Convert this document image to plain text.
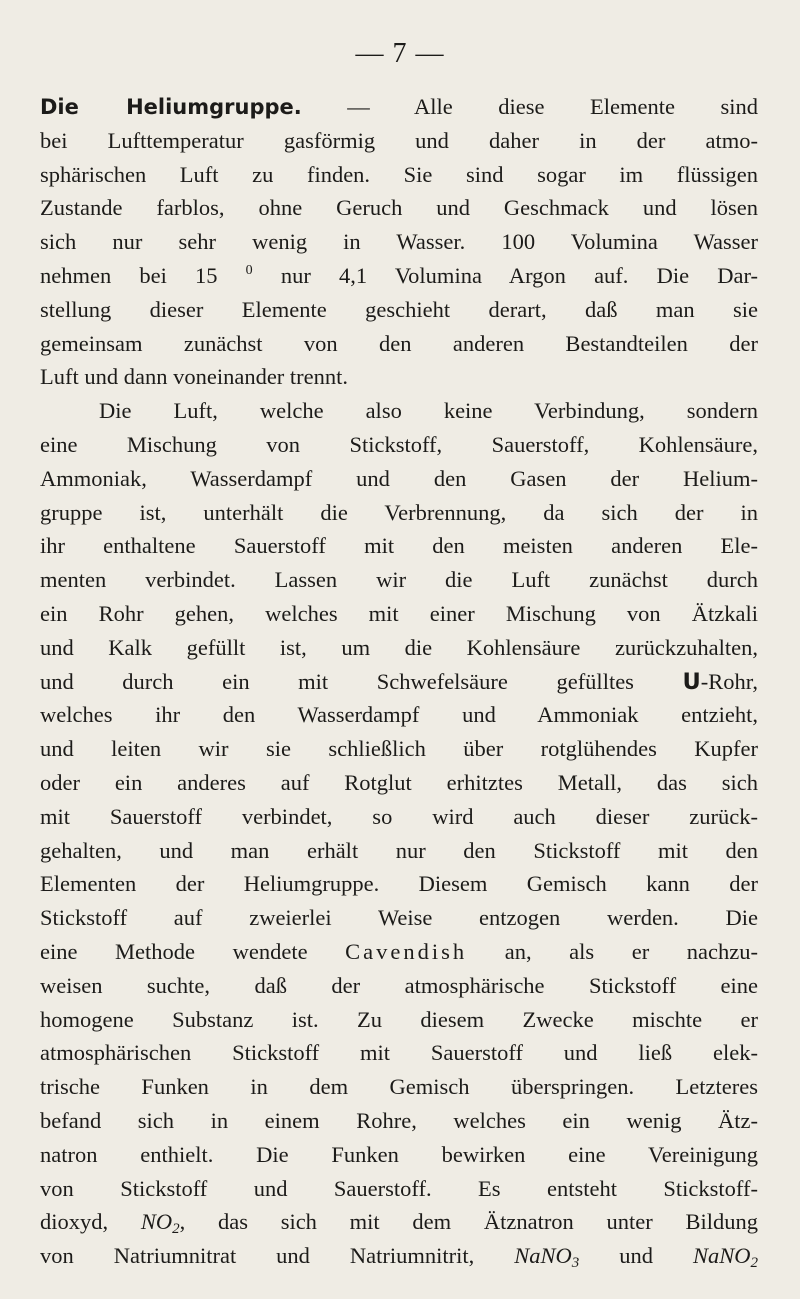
— 7 —
Die Heliumgruppe. — Alle diese Elemente sind
bei Lufttemperatur gasförmig und daher in der atmo-
sphärischen Luft zu finden. Sie sind sogar im flüssigen
Zustande farblos, ohne Geruch und Geschmack und lösen
sich nur sehr wenig in Wasser. 100 Volumina Wasser
nehmen bei 15 $^0$ nur 4,1 Volumina Argon auf. Die Dar-
stellung dieser Elemente geschieht derart, daß man sie
gemeinsam zunächst von den anderen Bestandteilen der
Luft und dann voneinander trennt.
Die Luft, welche also keine Verbindung, sondern
eine Mischung von Stickstoff, Sauerstoff, Kohlensäure,
Ammoniak, Wasserdampf und den Gasen der Helium-
gruppe ist, unterhält die Verbrennung, da sich der in
ihr enthaltene Sauerstoff mit den meisten anderen Ele-
menten verbindet. Lassen wir die Luft zunächst durch
ein Rohr gehen, welches mit einer Mischung von Ätzkali
und Kalk gefüllt ist, um die Kohlensäure zurückzuhalten,
und durch ein mit Schwefelsäure gefülltes U-Rohr,
welches ihr den Wasserdampf und Ammoniak entzieht,
und leiten wir sie schließlich über rotglühendes Kupfer
oder ein anderes auf Rotglut erhitztes Metall, das sich
mit Sauerstoff verbindet, so wird auch dieser zurück-
gehalten, und man erhält nur den Stickstoff mit den
Elementen der Heliumgruppe. Diesem Gemisch kann der
Stickstoff auf zweierlei Weise entzogen werden. Die
eine Methode wendete Cavendish an, als er nachzu-
weisen suchte, daß der atmosphärische Stickstoff eine
homogene Substanz ist. Zu diesem Zwecke mischte er
atmosphärischen Stickstoff mit Sauerstoff und ließ elek-
trische Funken in dem Gemisch überspringen. Letzteres
befand sich in einem Rohre, welches ein wenig Ätz-
natron enthielt. Die Funken bewirken eine Vereinigung
von Stickstoff und Sauerstoff. Es entsteht Stickstoff-
dioxyd, $NO_2$, das sich mit dem Ätznatron unter Bildung
von Natriumnitrat und Natriumnitrit, NaNO$_3$ und NaNO$_2$
